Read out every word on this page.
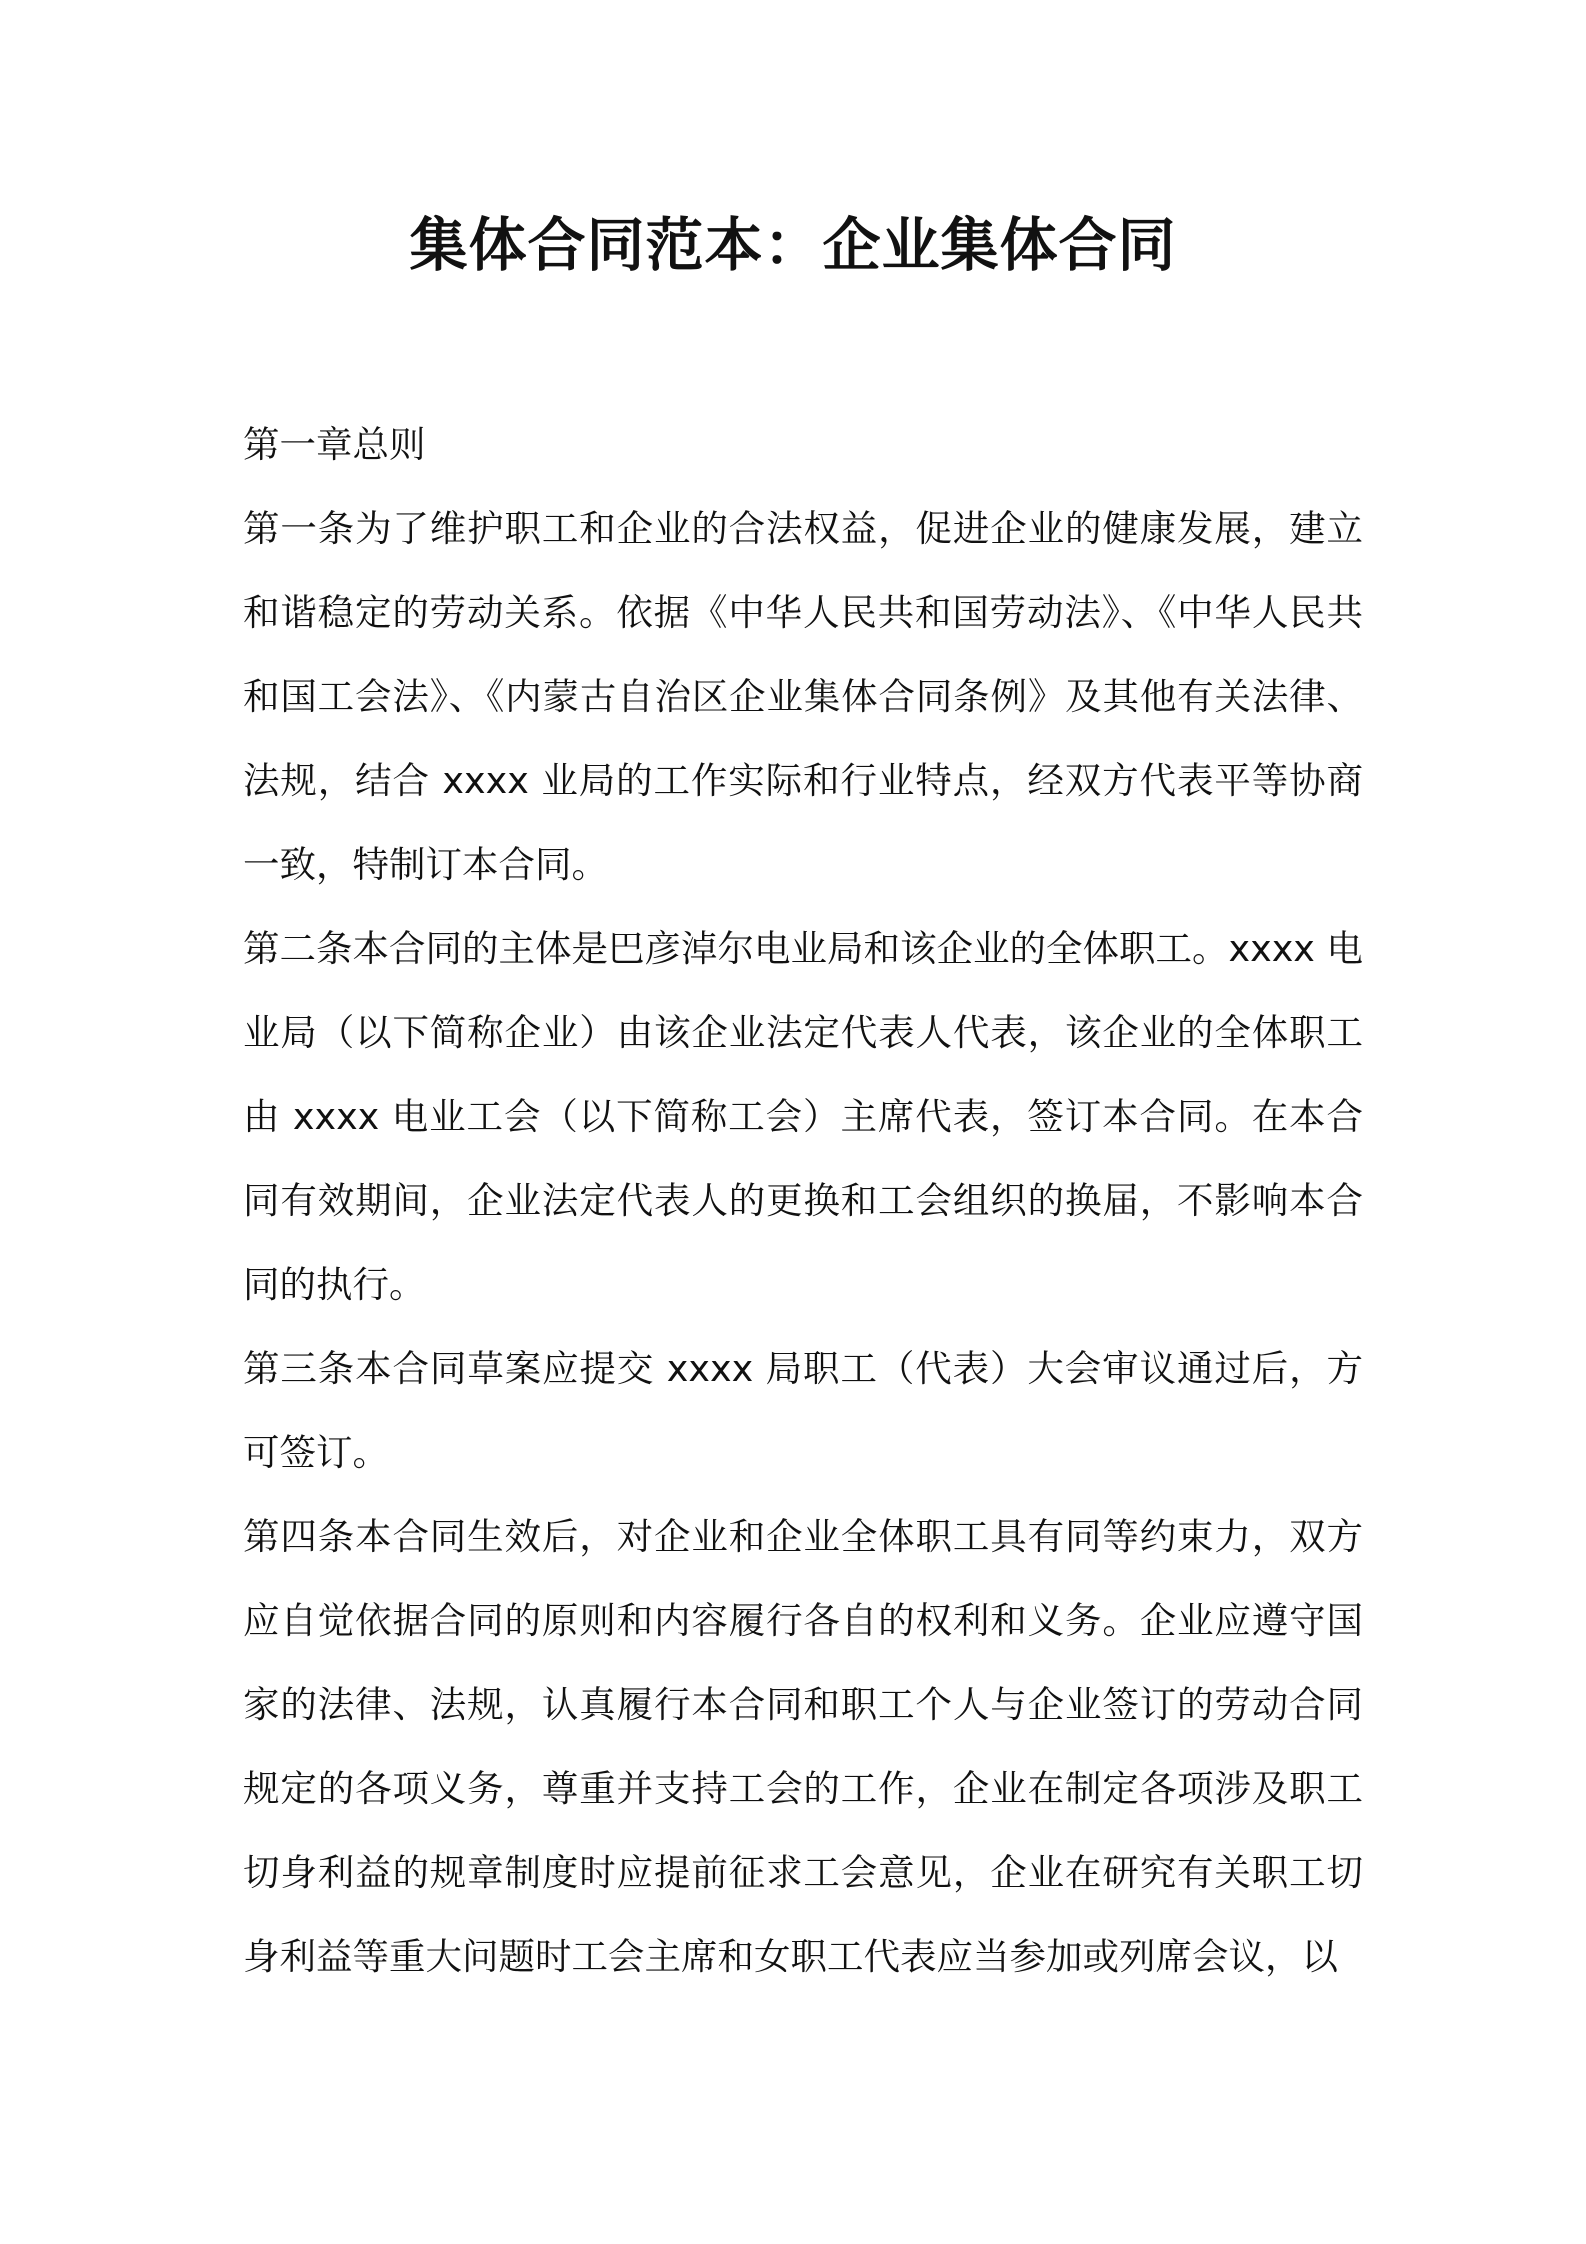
集体合同范本：企业集体合同

第一章总则

第一条为了维护职工和企业的合法权益，促进企业的健康发展，建立和谐稳定的劳动关系。依据《中华人民共和国劳动法》、《中华人民共和国工会法》、《内蒙古自治区企业集体合同条例》及其他有关法律、法规，结合 xxxx 业局的工作实际和行业特点，经双方代表平等协商一致，特制订本合同。

第二条本合同的主体是巴彦淖尔电业局和该企业的全体职工。xxxx 电业局（以下简称企业）由该企业法定代表人代表，该企业的全体职工由 xxxx 电业工会（以下简称工会）主席代表，签订本合同。在本合同有效期间，企业法定代表人的更换和工会组织的换届，不影响本合同的执行。

第三条本合同草案应提交 xxxx 局职工（代表）大会审议通过后，方可签订。

第四条本合同生效后，对企业和企业全体职工具有同等约束力，双方应自觉依据合同的原则和内容履行各自的权利和义务。企业应遵守国家的法律、法规，认真履行本合同和职工个人与企业签订的劳动合同规定的各项义务，尊重并支持工会的工作，企业在制定各项涉及职工切身利益的规章制度时应提前征求工会意见，企业在研究有关职工切身利益等重大问题时工会主席和女职工代表应当参加或列席会议，以
